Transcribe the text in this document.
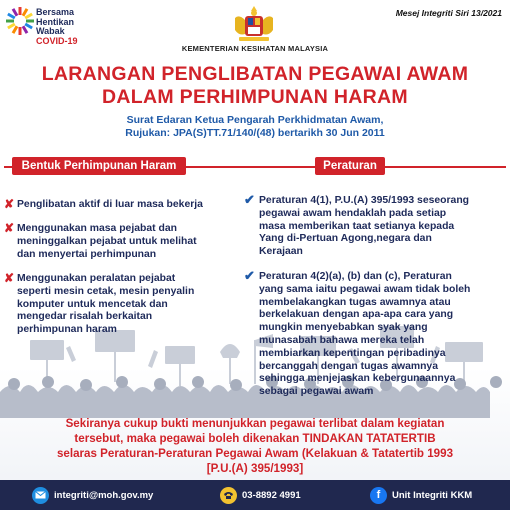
Bersama
Hentikan
Wabak
COVID-19
Mesej Integriti Siri 13/2021
KEMENTERIAN KESIHATAN MALAYSIA
LARANGAN PENGLIBATAN PEGAWAI AWAM
DALAM PERHIMPUNAN HARAM
Surat Edaran Ketua Pengarah Perkhidmatan Awam,
Rujukan: JPA(S)TT.71/140/(48) bertarikh 30 Jun 2011
Bentuk Perhimpunan Haram	Peraturan
✘ Penglibatan aktif di luar masa bekerja
✘ Menggunakan masa pejabat dan
meninggalkan pejabat untuk melihat
dan menyertai perhimpunan
✘ Menggunakan peralatan pejabat
seperti mesin cetak, mesin penyalin
komputer untuk mencetak dan
mengedar risalah berkaitan
perhimpunan haram
✔ Peraturan 4(1), P.U.(A) 395/1993 seseorang
pegawai awam hendaklah pada setiap
masa memberikan taat setianya kepada
Yang di-Pertuan Agong,negara dan
Kerajaan
✔ Peraturan 4(2)(a), (b) dan (c), Peraturan
yang sama iaitu pegawai awam tidak boleh
membelakangkan tugas awamnya atau
berkelakuan dengan apa-apa cara yang
mungkin menyebabkan syak yang
munasabah bahawa mereka telah
membiarkan kepentingan peribadinya
bercanggah dengan tugas awamnya
sehingga menjejaskan kebergunaannya
sebagai pegawai awam
Sekiranya cukup bukti menunjukkan pegawai terlibat dalam kegiatan
tersebut, maka pegawai boleh dikenakan TINDAKAN TATATERTIB
selaras Peraturan-Peraturan Pegawai Awam (Kelakuan & Tatatertib 1993
[P.U.(A) 395/1993]
integriti@moh.gov.my	03-8892 4991	f Unit Integriti KKM
